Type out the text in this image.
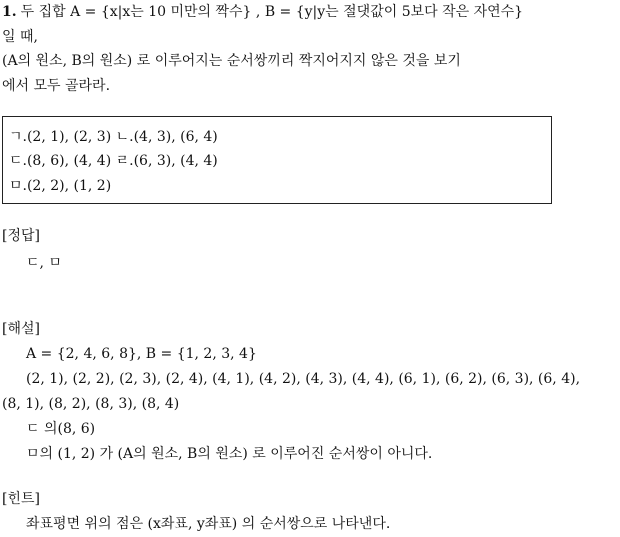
1. 두 집합 A = {x|x는 10 미만의 짝수} , B = {y|y는 절댓값이 5보다 작은 자연수}
일 때,
(A의 원소, B의 원소) 로 이루어지는 순서쌍끼리 짝지어지지 않은 것을 보기
에서 모두 골라라.
ㄱ.(2, 1), (2, 3) ㄴ.(4, 3), (6, 4)
ㄷ.(8, 6), (4, 4) ㄹ.(6, 3), (4, 4)
ㅁ.(2, 2), (1, 2)
[정답]
ㄷ, ㅁ
[해설]
A = {2, 4, 6, 8}, B = {1, 2, 3, 4}
(2, 1), (2, 2), (2, 3), (2, 4), (4, 1), (4, 2), (4, 3), (4, 4), (6, 1), (6, 2), (6, 3), (6, 4),
(8, 1), (8, 2), (8, 3), (8, 4)
ㄷ 의(8, 6)
ㅁ의 (1, 2) 가 (A의 원소, B의 원소) 로 이루어진 순서쌍이 아니다.
[힌트]
좌표평면 위의 점은 (x좌표, y좌표) 의 순서쌍으로 나타낸다.
